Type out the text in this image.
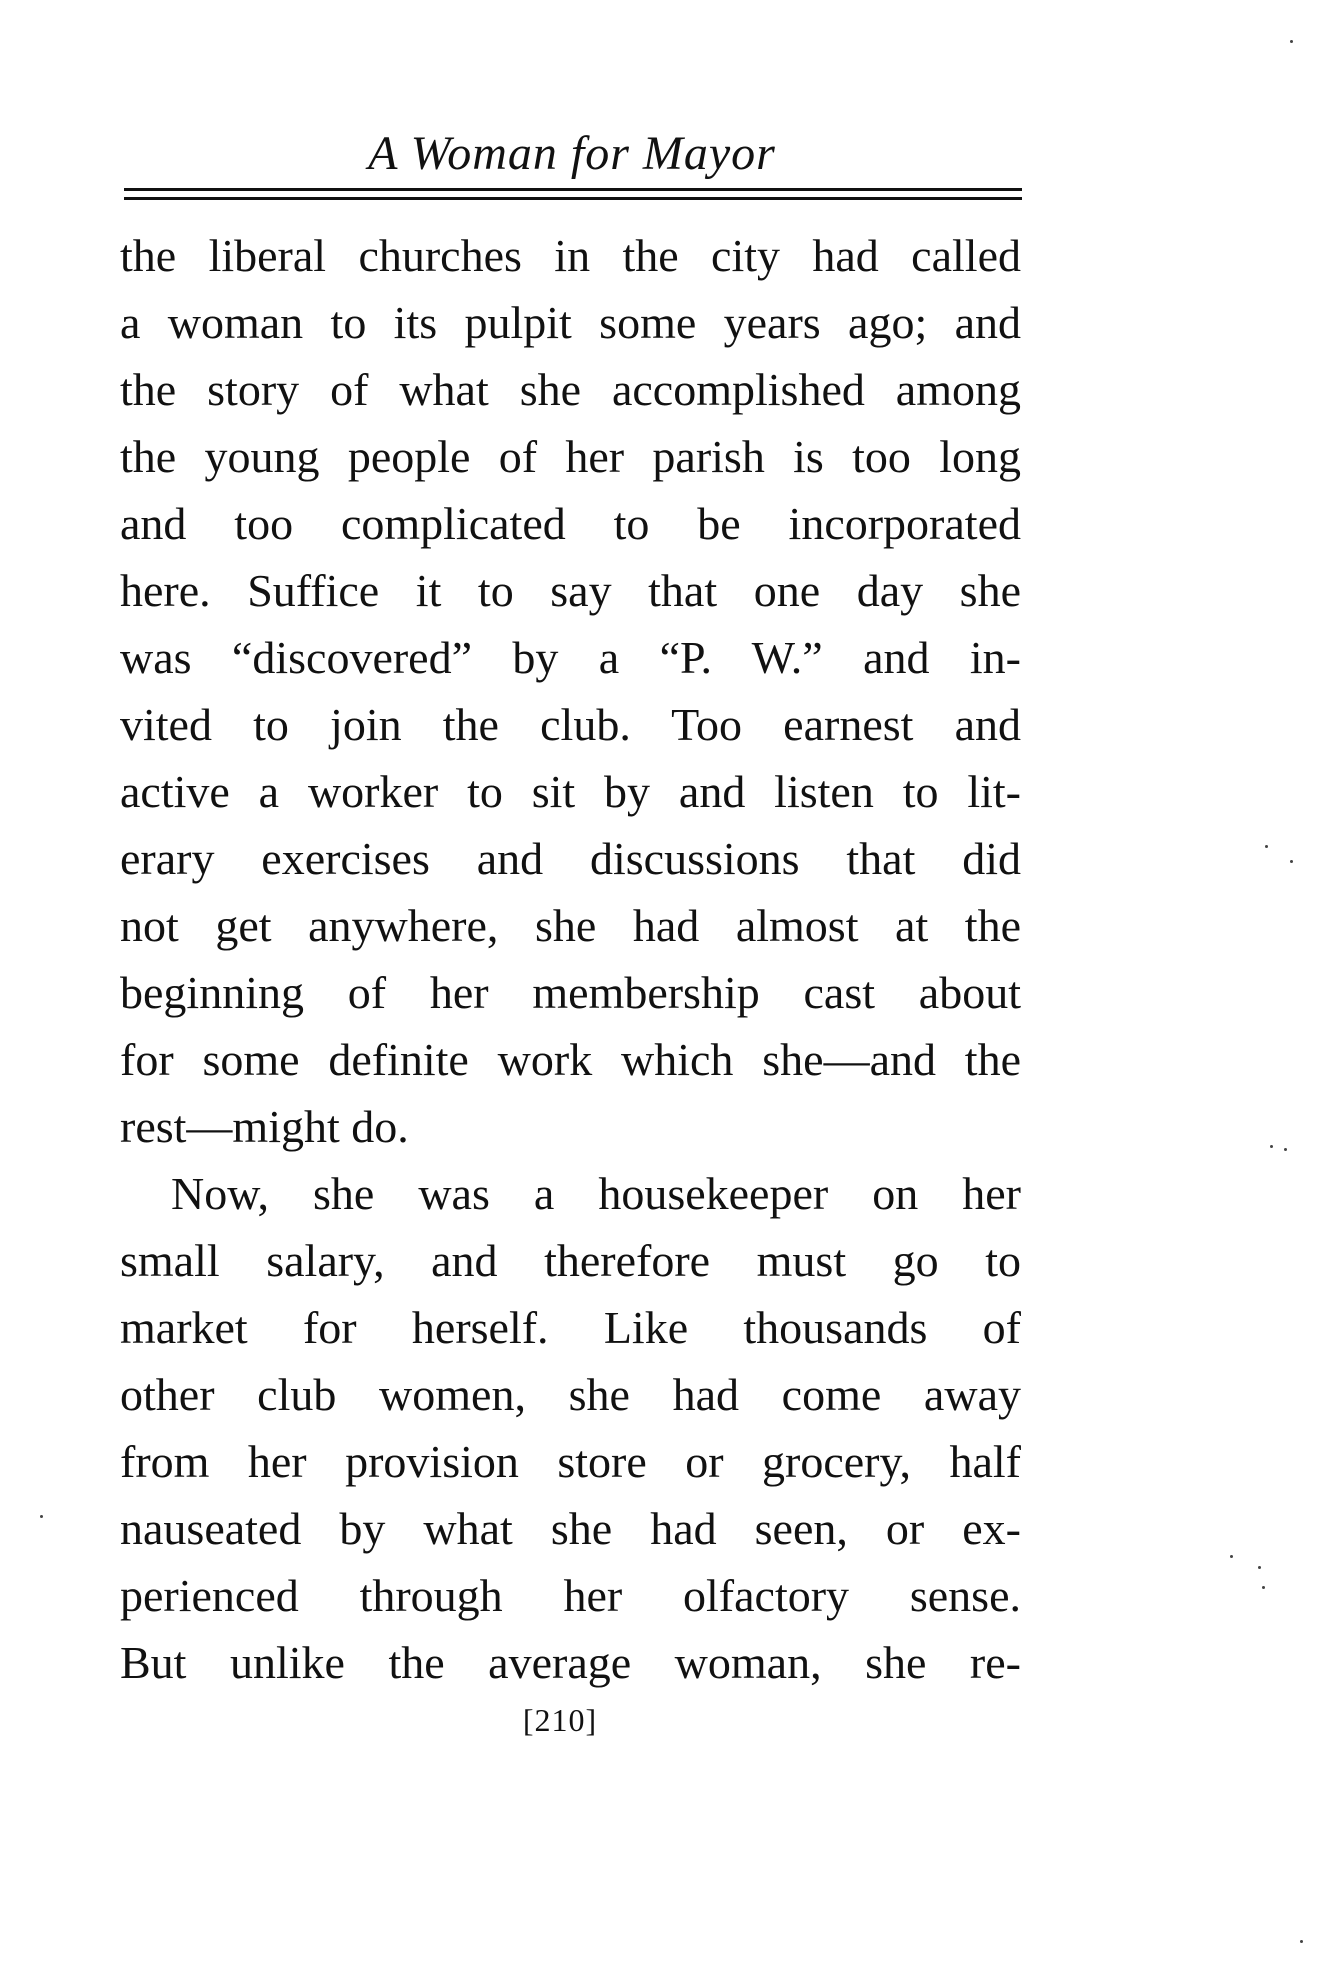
A Woman for Mayor
the liberal churches in the city had called
a woman to its pulpit some years ago; and
the story of what she accomplished among
the young people of her parish is too long
and too complicated to be incorporated
here. Suffice it to say that one day she
was “discovered” by a “P. W.” and in-
vited to join the club. Too earnest and
active a worker to sit by and listen to lit-
erary exercises and discussions that did
not get anywhere, she had almost at the
beginning of her membership cast about
for some definite work which she—and the
rest—might do.
Now, she was a housekeeper on her
small salary, and therefore must go to
market for herself. Like thousands of
other club women, she had come away
from her provision store or grocery, half
nauseated by what she had seen, or ex-
perienced through her olfactory sense.
But unlike the average woman, she re-
[210]
